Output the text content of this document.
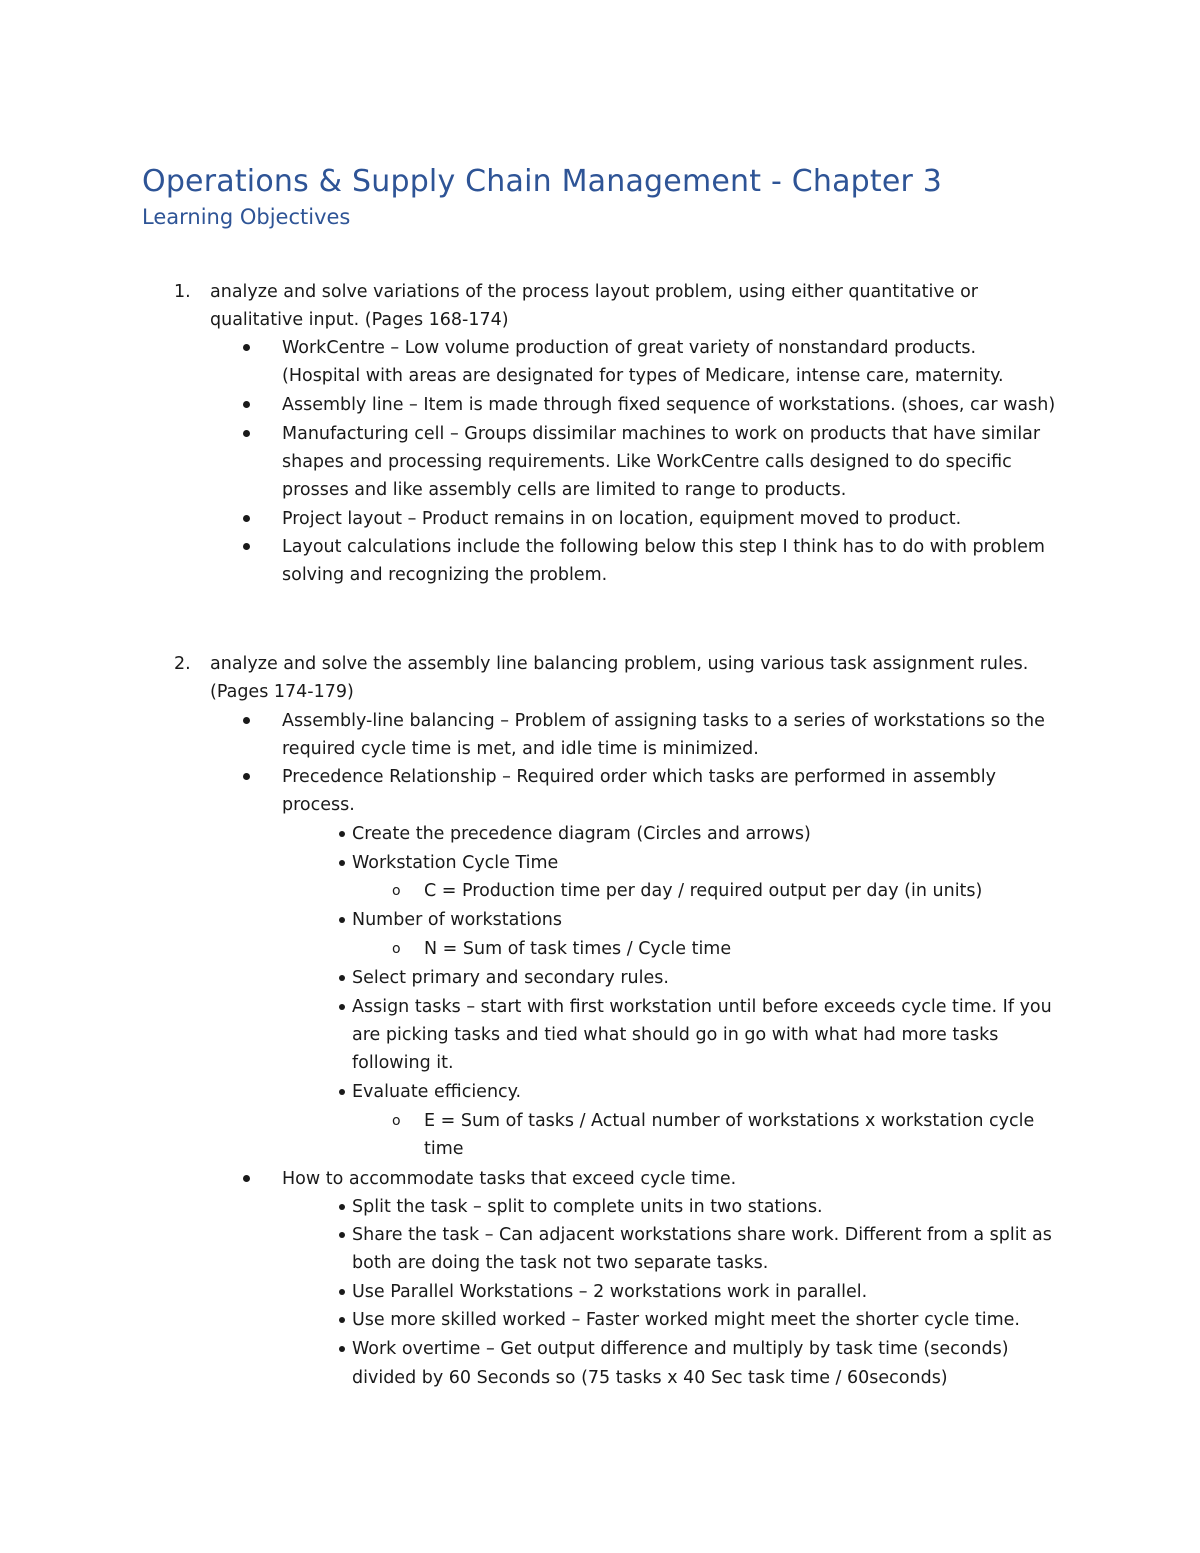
Operations & Supply Chain Management - Chapter 3
Learning Objectives
1. analyze and solve variations of the process layout problem, using either quantitative or
qualitative input. (Pages 168-174)
WorkCentre – Low volume production of great variety of nonstandard products.
(Hospital with areas are designated for types of Medicare, intense care, maternity.
Assembly line – Item is made through fixed sequence of workstations. (shoes, car wash)
Manufacturing cell – Groups dissimilar machines to work on products that have similar
shapes and processing requirements. Like WorkCentre calls designed to do specific
prosses and like assembly cells are limited to range to products.
Project layout – Product remains in on location, equipment moved to product.
Layout calculations include the following below this step I think has to do with problem
solving and recognizing the problem.
2. analyze and solve the assembly line balancing problem, using various task assignment rules.
(Pages 174-179)
Assembly-line balancing – Problem of assigning tasks to a series of workstations so the
required cycle time is met, and idle time is minimized.
Precedence Relationship – Required order which tasks are performed in assembly
process.
Create the precedence diagram (Circles and arrows)
Workstation Cycle Time
o C = Production time per day / required output per day (in units)
Number of workstations
o N = Sum of task times / Cycle time
Select primary and secondary rules.
Assign tasks – start with first workstation until before exceeds cycle time. If you
are picking tasks and tied what should go in go with what had more tasks
following it.
Evaluate efficiency.
o E = Sum of tasks / Actual number of workstations x workstation cycle
time
How to accommodate tasks that exceed cycle time.
Split the task – split to complete units in two stations.
Share the task – Can adjacent workstations share work. Different from a split as
both are doing the task not two separate tasks.
Use Parallel Workstations – 2 workstations work in parallel.
Use more skilled worked – Faster worked might meet the shorter cycle time.
Work overtime – Get output difference and multiply by task time (seconds)
divided by 60 Seconds so (75 tasks x 40 Sec task time / 60seconds)
